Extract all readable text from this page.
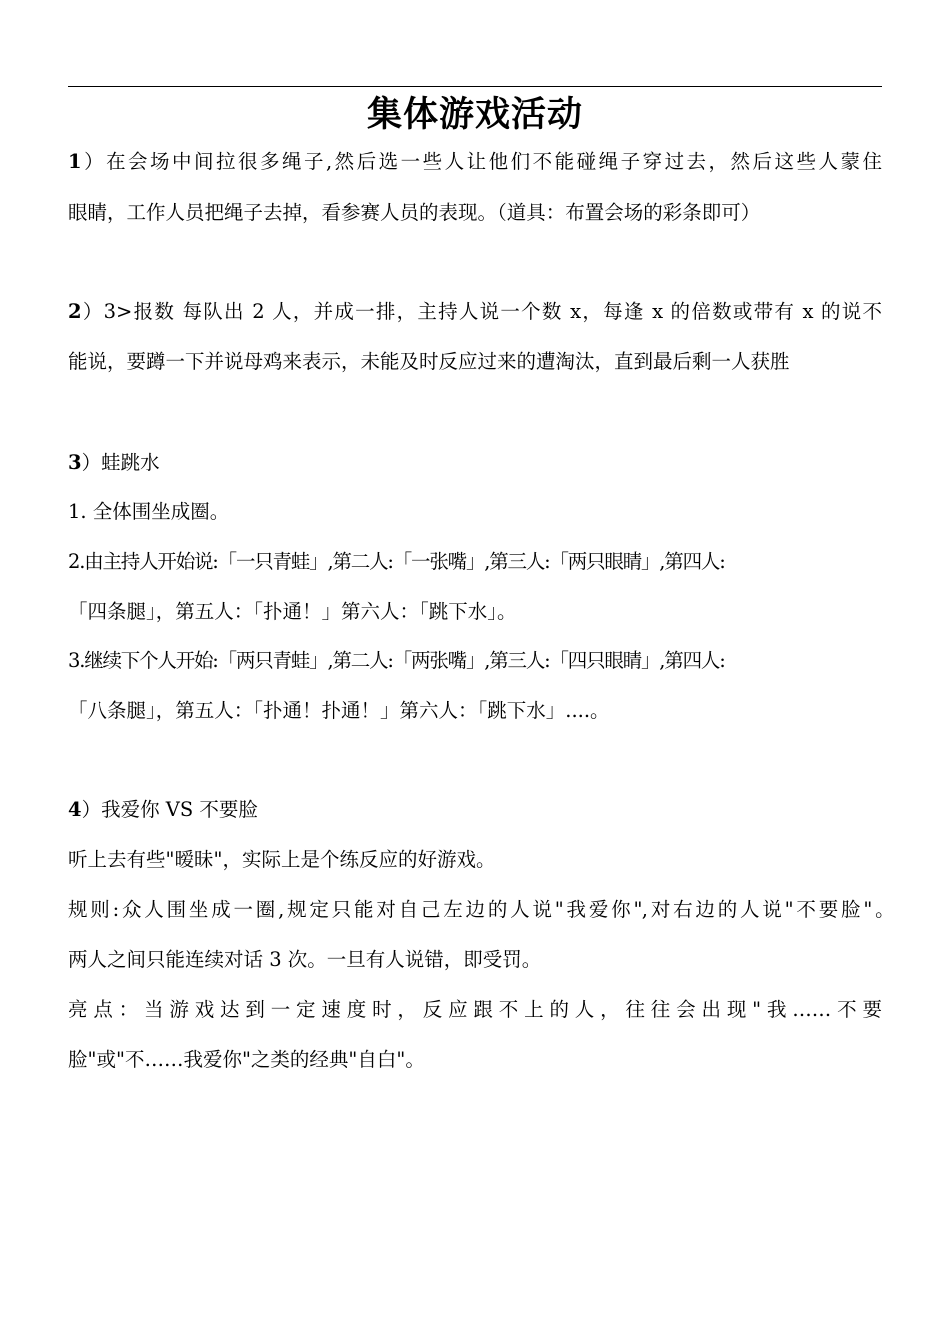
集体游戏活动
1）在会场中间拉很多绳子,然后选一些人让他们不能碰绳子穿过去，然后这些人蒙住
眼睛，工作人员把绳子去掉，看参赛人员的表现。（道具：布置会场的彩条即可）
2）3>报数 每队出 2 人，并成一排，主持人说一个数 x，每逢 x 的倍数或带有 x 的说不
能说，要蹲一下并说母鸡来表示，未能及时反应过来的遭淘汰，直到最后剩一人获胜
3）蛙跳水
1. 全体围坐成圈。
2.由主持人开始说:「一只青蛙」,第二人:「一张嘴」,第三人:「两只眼睛」,第四人:
「四条腿」，第五人：「扑通！」第六人：「跳下水」。
3.继续下个人开始:「两只青蛙」,第二人:「两张嘴」,第三人:「四只眼睛」,第四人:
「八条腿」，第五人：「扑通！扑通！」第六人：「跳下水」....。
4）我爱你 VS 不要脸
听上去有些"暧昧"，实际上是个练反应的好游戏。
规则:众人围坐成一圈,规定只能对自己左边的人说"我爱你",对右边的人说"不要脸"。
两人之间只能连续对话 3 次。一旦有人说错，即受罚。
亮点：当游戏达到一定速度时，反应跟不上的人，往往会出现"我……不要
脸"或"不……我爱你"之类的经典"自白"。
